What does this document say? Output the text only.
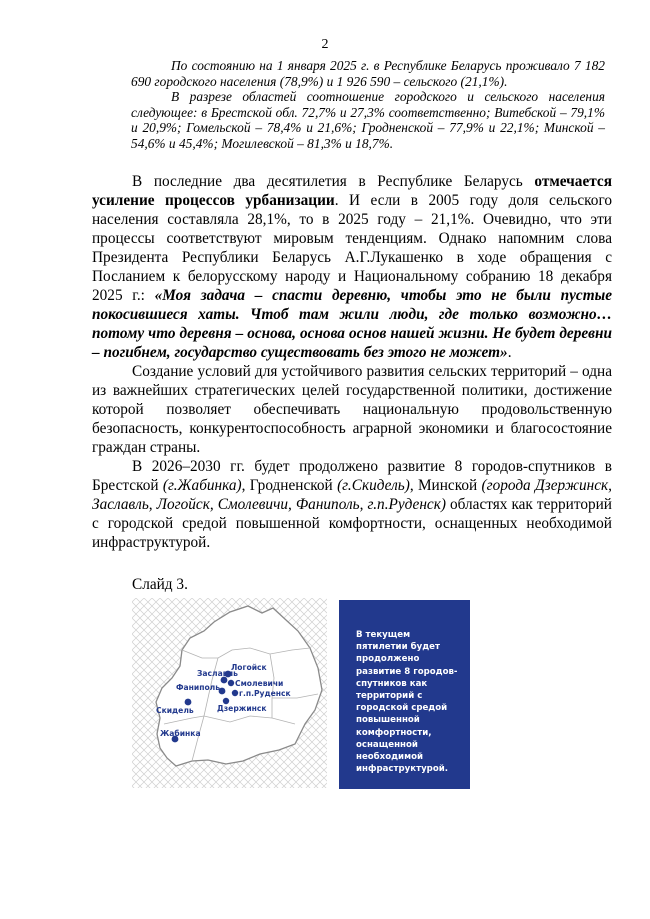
2

По состоянию на 1 января 2025 г. в Республике Беларусь проживало 7 182 690 городского населения (78,9%) и 1 926 590 – сельского (21,1%).

В разрезе областей соотношение городского и сельского населения следующее: в Брестской обл. 72,7% и 27,3% соответственно; Витебской – 79,1% и 20,9%; Гомельской – 78,4% и 21,6%; Гродненской – 77,9% и 22,1%; Минской – 54,6% и 45,4%; Могилевской – 81,3% и 18,7%.

В последние два десятилетия в Республике Беларусь отмечается усиление процессов урбанизации. И если в 2005 году доля сельского населения составляла 28,1%, то в 2025 году – 21,1%. Очевидно, что эти процессы соответствуют мировым тенденциям. Однако напомним слова Президента Республики Беларусь А.Г.Лукашенко в ходе обращения с Посланием к белорусскому народу и Национальному собранию 18 декабря 2025 г.: «Моя задача – спасти деревню, чтобы это не были пустые покосившиеся хаты. Чтоб там жили люди, где только возможно… потому что деревня – основа, основа основ нашей жизни. Не будет деревни – погибнем, государство существовать без этого не может».

Создание условий для устойчивого развития сельских территорий – одна из важнейших стратегических целей государственной политики, достижение которой позволяет обеспечивать национальную продовольственную безопасность, конкурентоспособность аграрной экономики и благосостояние граждан страны.

В 2026–2030 гг. будет продолжено развитие 8 городов-спутников в Брестской (г.Жабинка), Гродненской (г.Скидель), Минской (города Дзержинск, Заславль, Логойск, Смолевичи, Фаниполь, г.п.Руденск) областях как территорий с городской средой повышенной комфортности, оснащенных необходимой инфраструктурой.

Слайд 3.
Заславль
Логойск
Фаниполь Смолевичи
г.п.Руденск
Скидель	Дзержинск
Жабинка
В текущем пятилетии будет продолжено развитие 8 городов-спутников как территорий с городской средой повышенной комфортности, оснащенной необходимой инфраструктурой.
